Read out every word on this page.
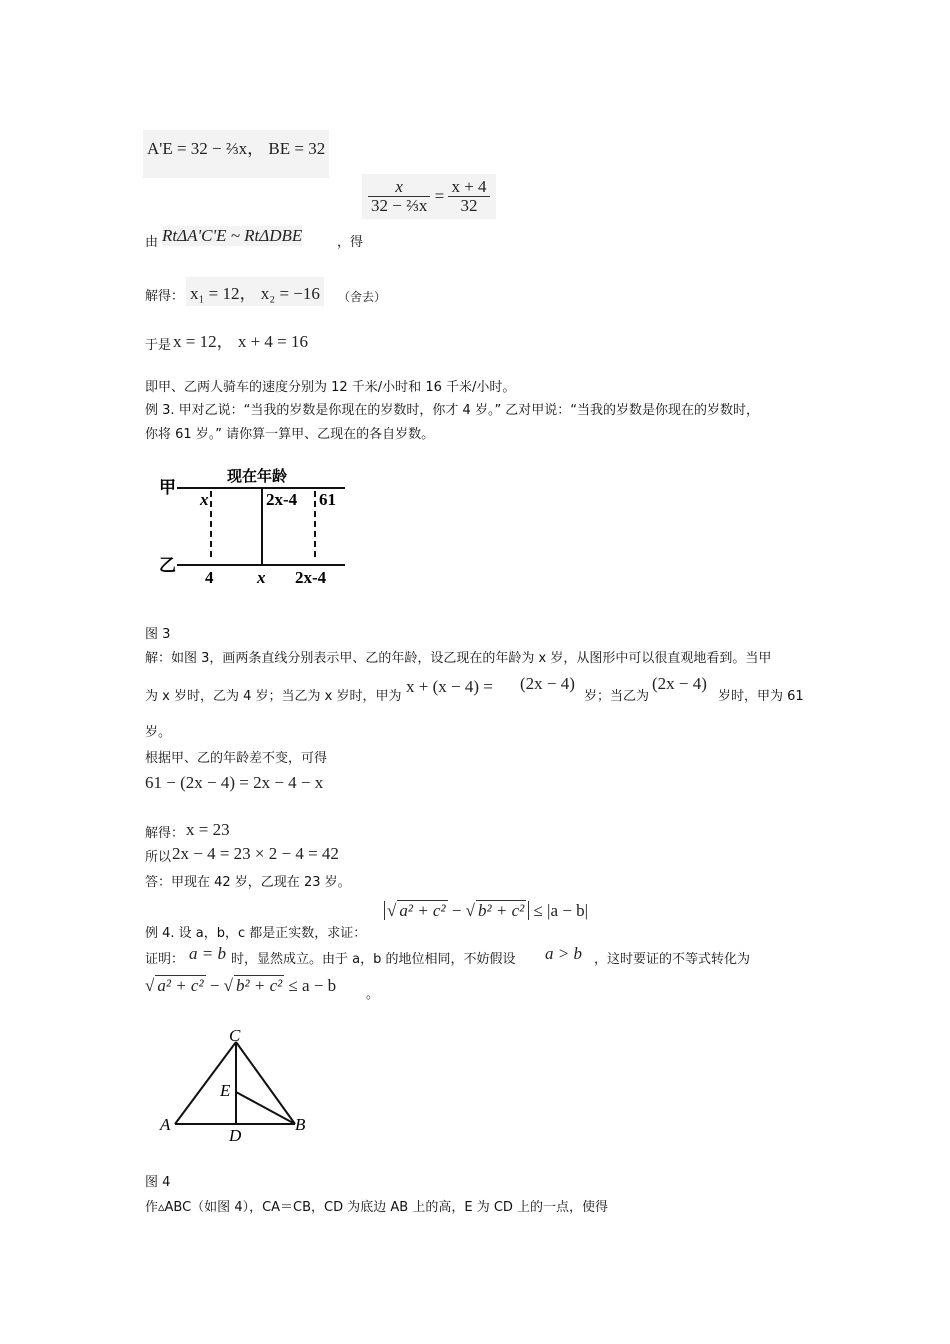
A'E = 32 − ⅔x， BE = 32
由 RtΔA'C'E ~ RtΔDBE	，得
$\frac{x}{\text{32 − ⅔x}} = \frac{x + 4}{32}$
解得： x₁ = 12， x₂ = −16	（舍去）
于是 x = 12， x + 4 = 16
即甲、乙两人骑车的速度分别为 12 千米/小时和 16 千米/小时。
例 3. 甲对乙说：“当我的岁数是你现在的岁数时，你才 4 岁。” 乙对甲说：“当我的岁数是你现在的岁数时，
你将 61 岁。” 请你算一算甲、乙现在的各自岁数。
现在年龄
甲
x	2x-4 61
乙
4	x 2x-4
图 3
解：如图 3，画两条直线分别表示甲、乙的年龄，设乙现在的年龄为 x 岁，从图形中可以很直观地看到。当甲
为 x 岁时，乙为 4 岁；当乙为 x 岁时，甲为
x + (x − 4) = (2x − 4)
岁；当乙为
(2x − 4)
岁时，甲为 61
岁。
根据甲、乙的年龄差不变，可得
61 − (2x − 4) = 2x − 4 − x
解得： x = 23
所以 2x − 4 = 23 × 2 − 4 = 42
答：甲现在 42 岁，乙现在 23 岁。
例 4. 设 a，b，c 都是正实数，求证：
√ a² + c² − √ b² + c² ≤ |a − b|
证明： a = b 时，显然成立。由于 a，b 的地位相同，不妨假设 a > b ，这时要证的不等式转化为
√ a² + c² − √ b² + c² ≤ a − b 。
C
E
A
D
B
图 4
作▵ABC（如图 4），CA＝CB，CD 为底边 AB 上的高，E 为 CD 上的一点，使得
